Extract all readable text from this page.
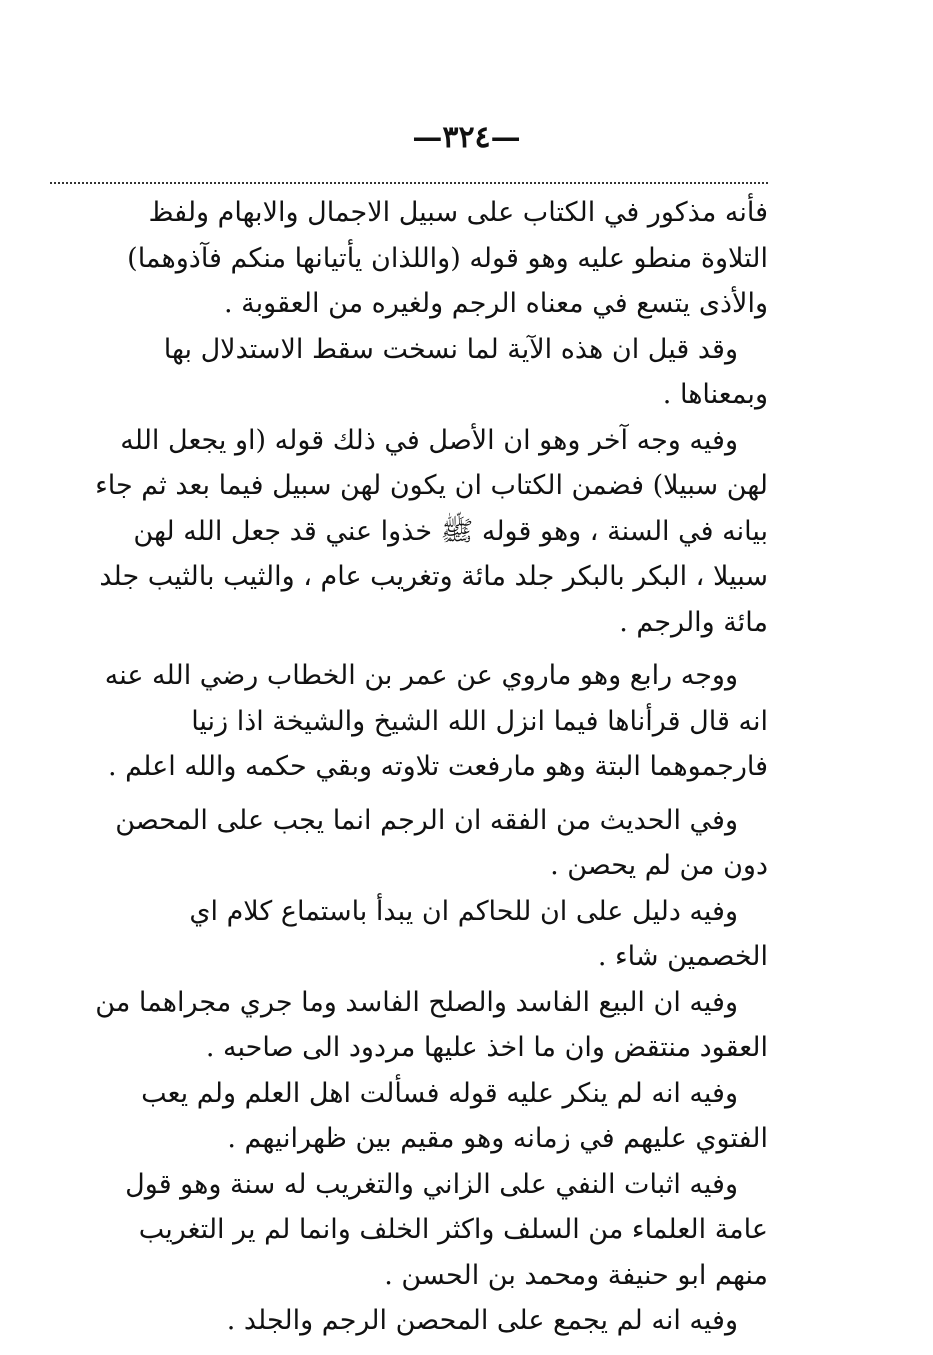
—٣٢٤—

فأنه مذكور في الكتاب على سبيل الاجمال والابهام ولفظ التلاوة منطو عليه وهو قوله (واللذان يأتيانها منكم فآذوهما) والأذى يتسع في معناه الرجم ولغيره من العقوبة .

وقد قيل ان هذه الآية لما نسخت سقط الاستدلال بها وبمعناها .

وفيه وجه آخر وهو ان الأصل في ذلك قوله (او يجعل الله لهن سبيلا) فضمن الكتاب ان يكون لهن سبيل فيما بعد ثم جاء بيانه في السنة ، وهو قوله ﷺ خذوا عني قد جعل الله لهن سبيلا ، البكر بالبكر جلد مائة وتغريب عام ، والثيب بالثيب جلد مائة والرجم .

ووجه رابع وهو ماروي عن عمر بن الخطاب رضي الله عنه انه قال قرأناها فيما انزل الله الشيخ والشيخة اذا زنيا فارجموهما البتة وهو مارفعت تلاوته وبقي حكمه والله اعلم .

وفي الحديث من الفقه ان الرجم انما يجب على المحصن دون من لم يحصن .

وفيه دليل على ان للحاكم ان يبدأ باستماع كلام اي الخصمين شاء .

وفيه ان البيع الفاسد والصلح الفاسد وما جري مجراهما من العقود منتقض وان ما اخذ عليها مردود الى صاحبه .

وفيه انه لم ينكر عليه قوله فسألت اهل العلم ولم يعب الفتوي عليهم في زمانه وهو مقيم بين ظهرانيهم .

وفيه اثبات النفي على الزاني والتغريب له سنة وهو قول عامة العلماء من السلف واكثر الخلف وانما لم ير التغريب منهم ابو حنيفة ومحمد بن الحسن .

وفيه انه لم يجمع على المحصن الرجم والجلد .
